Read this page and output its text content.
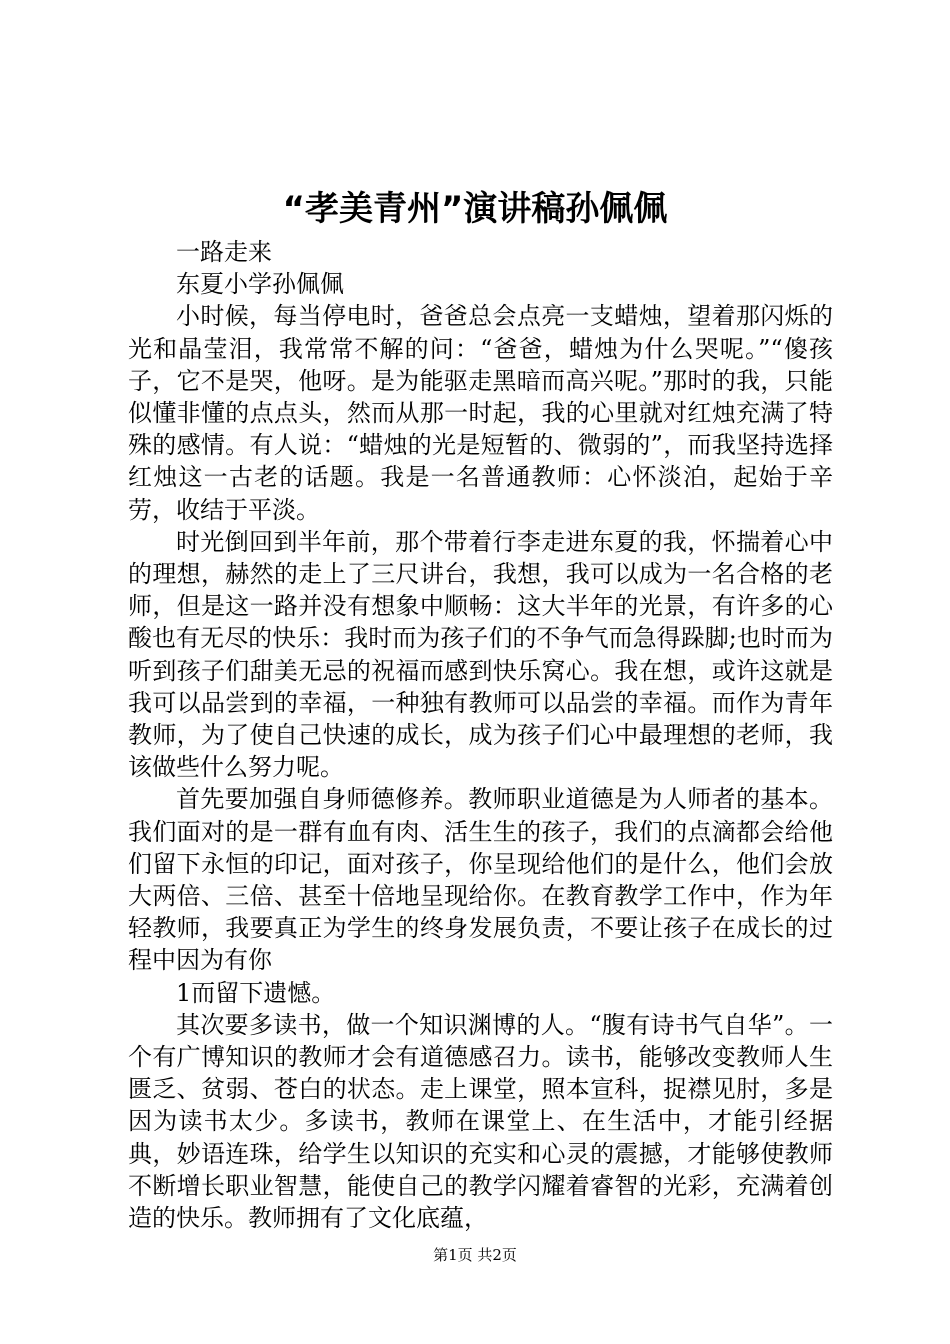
“孝美青州”演讲稿孙佩佩

一路走来

东夏小学孙佩佩

小时候，每当停电时，爸爸总会点亮一支蜡烛，望着那闪烁的光和晶莹泪，我常常不解的问：“爸爸，蜡烛为什么哭呢。”“傻孩子，它不是哭，他呀。是为能驱走黑暗而高兴呢。”那时的我，只能似懂非懂的点点头，然而从那一时起，我的心里就对红烛充满了特殊的感情。有人说：“蜡烛的光是短暂的、微弱的”，而我坚持选择红烛这一古老的话题。我是一名普通教师：心怀淡泊，起始于辛劳，收结于平淡。

时光倒回到半年前，那个带着行李走进东夏的我，怀揣着心中的理想，赫然的走上了三尺讲台，我想，我可以成为一名合格的老师，但是这一路并没有想象中顺畅：这大半年的光景，有许多的心酸也有无尽的快乐：我时而为孩子们的不争气而急得跺脚;也时而为听到孩子们甜美无忌的祝福而感到快乐窝心。我在想，或许这就是我可以品尝到的幸福，一种独有教师可以品尝的幸福。而作为青年教师，为了使自己快速的成长，成为孩子们心中最理想的老师，我该做些什么努力呢。

首先要加强自身师德修养。教师职业道德是为人师者的基本。我们面对的是一群有血有肉、活生生的孩子，我们的点滴都会给他们留下永恒的印记，面对孩子，你呈现给他们的是什么，他们会放大两倍、三倍、甚至十倍地呈现给你。在教育教学工作中，作为年轻教师，我要真正为学生的终身发展负责，不要让孩子在成长的过程中因为有你

1而留下遗憾。

其次要多读书，做一个知识渊博的人。“腹有诗书气自华”。一个有广博知识的教师才会有道德感召力。读书，能够改变教师人生匮乏、贫弱、苍白的状态。走上课堂，照本宣科，捉襟见肘，多是因为读书太少。多读书，教师在课堂上、在生活中，才能引经据典，妙语连珠，给学生以知识的充实和心灵的震撼，才能够使教师不断增长职业智慧，能使自己的教学闪耀着睿智的光彩，充满着创造的快乐。教师拥有了文化底蕴，

第1页 共2页
